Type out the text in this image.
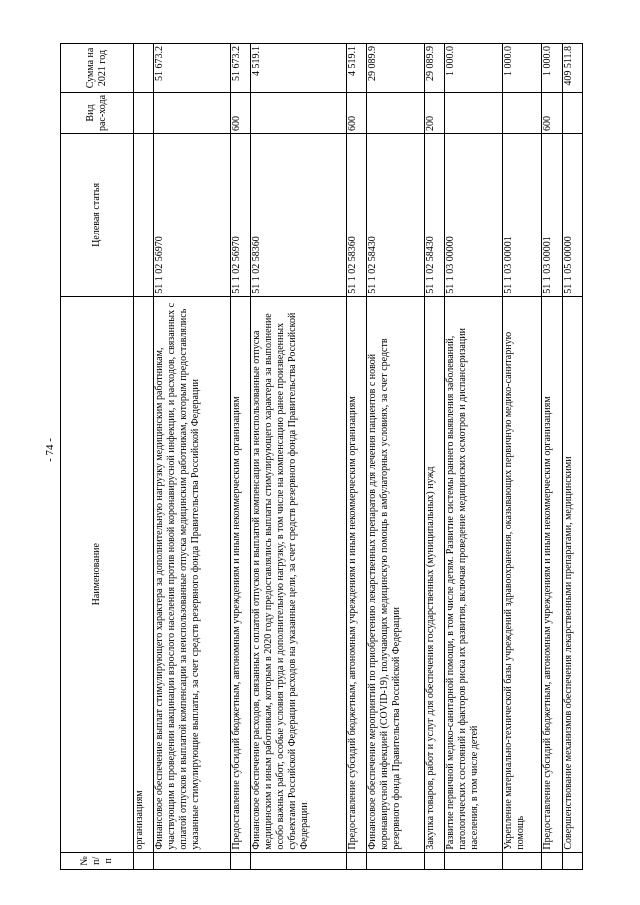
- 74 -
№ п/п	Наименование	Целевая статья	Вид рас-хода	Сумма на 2021 год
	организациям			
	Финансовое обеспечение выплат стимулирующего характера за дополнительную нагрузку медицинским работникам, участвующим в проведении вакцинации взрослого населения против новой коронавирусной инфекции, и расходов, связанных с оплатой отпусков и выплатой компенсации за неиспользованные отпуска медицинским работникам, которым предоставлялись указанные стимулирующие выплаты, за счет средств резервного фонда Правительства Российской Федерации	51 1 02 56970		51 673.2
	Предоставление субсидий бюджетным, автономным учреждениям и иным некоммерческим организациям	51 1 02 56970	600	51 673.2
	Финансовое обеспечение расходов, связанных с оплатой отпусков и выплатой компенсации за неиспользованные отпуска медицинским и иным работникам, которым в 2020 году предоставлялись выплаты стимулирующего характера за выполнение особо важных работ, особые условия труда и дополнительную нагрузку, в том числе на компенсацию ранее произведенных субъектами Российской Федерации расходов на указанные цели, за счет средств резервного фонда Правительства Российской Федерации	51 1 02 58360		4 519.1
	Предоставление субсидий бюджетным, автономным учреждениям и иным некоммерческим организациям	51 1 02 58360	600	4 519.1
	Финансовое обеспечение мероприятий по приобретению лекарственных препаратов для лечения пациентов с новой коронавирусной инфекцией (COVID-19), получающих медицинскую помощь в амбулаторных условиях, за счет средств резервного фонда Правительства Российской Федерации	51 1 02 58430		29 089.9
	Закупка товаров, работ и услуг для обеспечения государственных (муниципальных) нужд	51 1 02 58430	200	29 089.9
	Развитие первичной медико-санитарной помощи, в том числе детям. Развитие системы раннего выявления заболеваний, патологических состояний и факторов риска их развития, включая проведение медицинских осмотров и диспансеризации населения, в том числе детей	51 1 03 00000		1 000.0
	Укрепление материально-технической базы учреждений здравоохранения, оказывающих первичную медико-санитарную помощь	51 1 03 00001		1 000.0
	Предоставление субсидий бюджетным, автономным учреждениям и иным некоммерческим организациям	51 1 03 00001	600	1 000.0
	Совершенствование механизмов обеспечения лекарственными препаратами, медицинскими	51 1 05 00000		409 511.8
